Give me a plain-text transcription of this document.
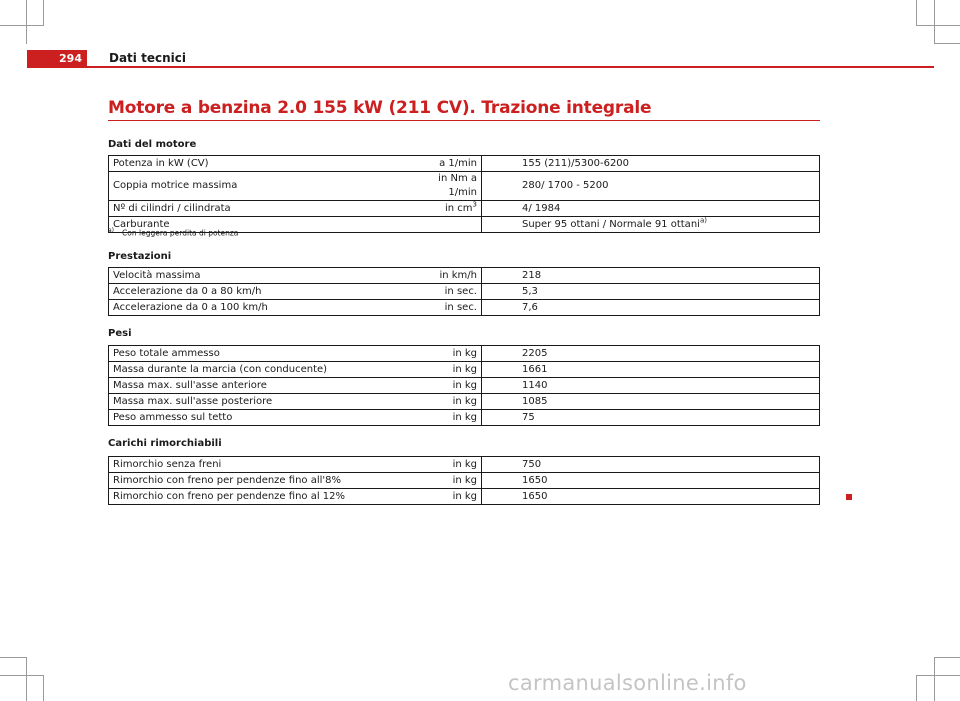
294	Dati tecnici
Motore a benzina 2.0 155 kW (211 CV). Trazione integrale
Dati del motore
Potenza in kW (CV)	a 1/min	155 (211)/5300-6200
Coppia motrice massima	in Nm a 1/min	280/ 1700 - 5200
Nº di cilindri / cilindrata	in $cm^3$	4/ 1984
Carburante		Super 95 ottani / Normale 91 ottani$^{a)}$
$^{a)}$ Con leggera perdita di potenza
Prestazioni
Velocità massima	in km/h	218
Accelerazione da 0 a 80 km/h	in sec.	5,3
Accelerazione da 0 a 100 km/h	in sec.	7,6
Pesi
Peso totale ammesso	in kg	2205
Massa durante la marcia (con conducente)	in kg	1661
Massa max. sull'asse anteriore	in kg	1140
Massa max. sull'asse posteriore	in kg	1085
Peso ammesso sul tetto	in kg	75
Carichi rimorchiabili
Rimorchio senza freni	in kg	750
Rimorchio con freno per pendenze fino all'8%	in kg	1650
Rimorchio con freno per pendenze fino al 12%	in kg	1650
carmanualsonline.info
